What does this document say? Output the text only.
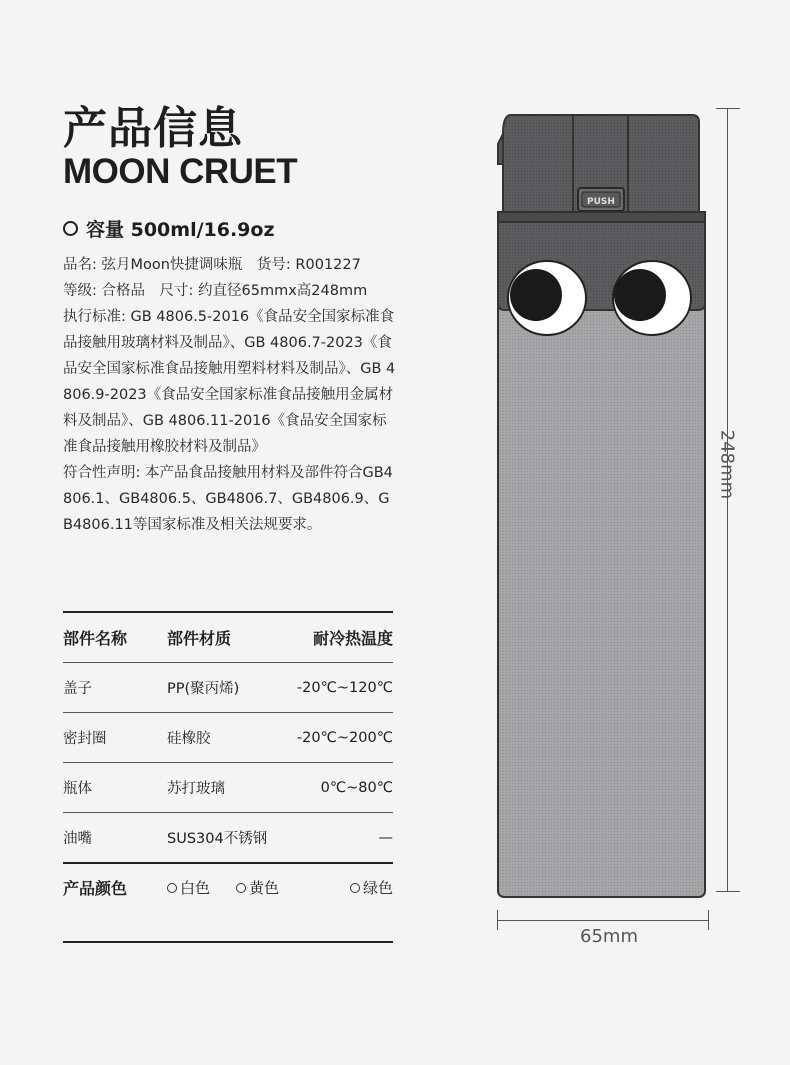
产品信息
MOON CRUET
容量 500ml/16.9oz

品名: 弦月Moon快捷调味瓶　货号: R001227

等级: 合格品　尺寸: 约直径65mmx高248mm

执行标准: GB 4806.5-2016《食品安全国家标准食品接触用玻璃材料及制品》、GB 4806.7-2023《食品安全国家标准食品接触用塑料材料及制品》、GB 4806.9-2023《食品安全国家标准食品接触用金属材料及制品》、GB 4806.11-2016《食品安全国家标准食品接触用橡胶材料及制品》

符合性声明: 本产品食品接触用材料及部件符合GB4806.1、GB4806.5、GB4806.7、GB4806.9、GB4806.11等国家标准及相关法规要求。

部件名称	部件材质	耐冷热温度
盖子	PP(聚丙烯)	-20℃~120℃
密封圈	硅橡胶	-20℃~200℃
瓶体	苏打玻璃	0℃~80℃
油嘴	SUS304不锈钢	—
产品颜色	白色	黄色	绿色
PUSH
248mm
65mm
